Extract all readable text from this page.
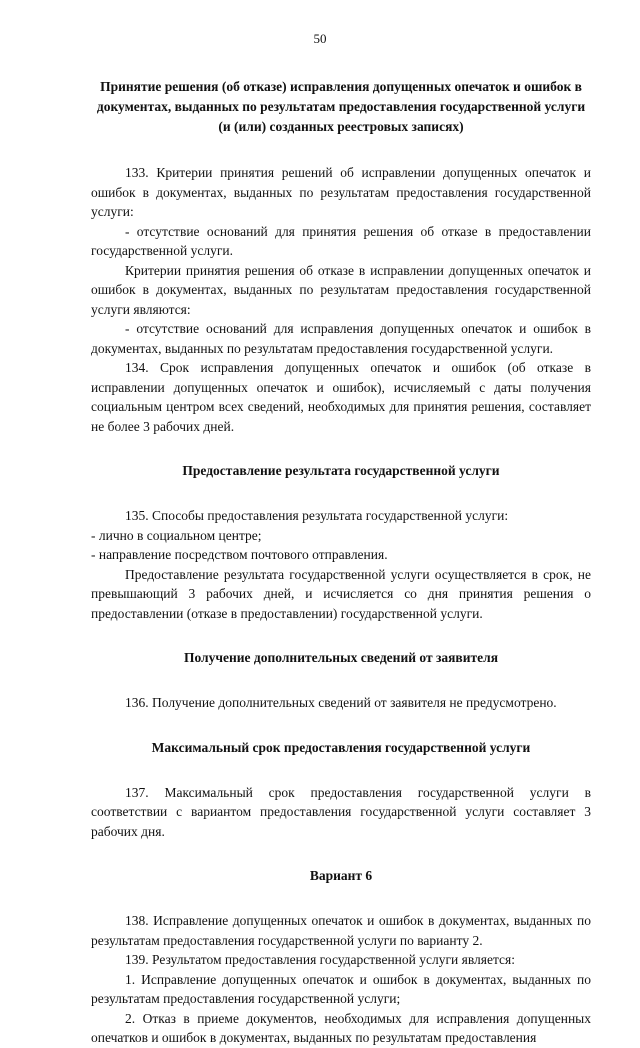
50
Принятие решения (об отказе) исправления допущенных опечаток и ошибок в документах, выданных по результатам предоставления государственной услуги (и (или) созданных реестровых записях)

133. Критерии принятия решений об исправлении допущенных опечаток и ошибок в документах, выданных по результатам предоставления государственной услуги:

- отсутствие оснований для принятия решения об отказе в предоставлении государственной услуги.

Критерии принятия решения об отказе в исправлении допущенных опечаток и ошибок в документах, выданных по результатам предоставления государственной услуги являются:

- отсутствие оснований для исправления допущенных опечаток и ошибок в документах, выданных по результатам предоставления государственной услуги.

134. Срок исправления допущенных опечаток и ошибок (об отказе в исправлении допущенных опечаток и ошибок), исчисляемый с даты получения социальным центром всех сведений, необходимых для принятия решения, составляет не более 3 рабочих дней.

Предоставление результата государственной услуги

135. Способы предоставления результата государственной услуги:

- лично в социальном центре;

- направление посредством почтового отправления.

Предоставление результата государственной услуги осуществляется в срок, не превышающий 3 рабочих дней, и исчисляется со дня принятия решения о предоставлении (отказе в предоставлении) государственной услуги.

Получение дополнительных сведений от заявителя

136. Получение дополнительных сведений от заявителя не предусмотрено.

Максимальный срок предоставления государственной услуги

137. Максимальный срок предоставления государственной услуги в соответствии с вариантом предоставления государственной услуги составляет 3 рабочих дня.

Вариант 6

138. Исправление допущенных опечаток и ошибок в документах, выданных по результатам предоставления государственной услуги по варианту 2.

139. Результатом предоставления государственной услуги является:

1. Исправление допущенных опечаток и ошибок в документах, выданных по результатам предоставления государственной услуги;

2. Отказ в приеме документов, необходимых для исправления допущенных опечатков и ошибок в документах, выданных по результатам предоставления
